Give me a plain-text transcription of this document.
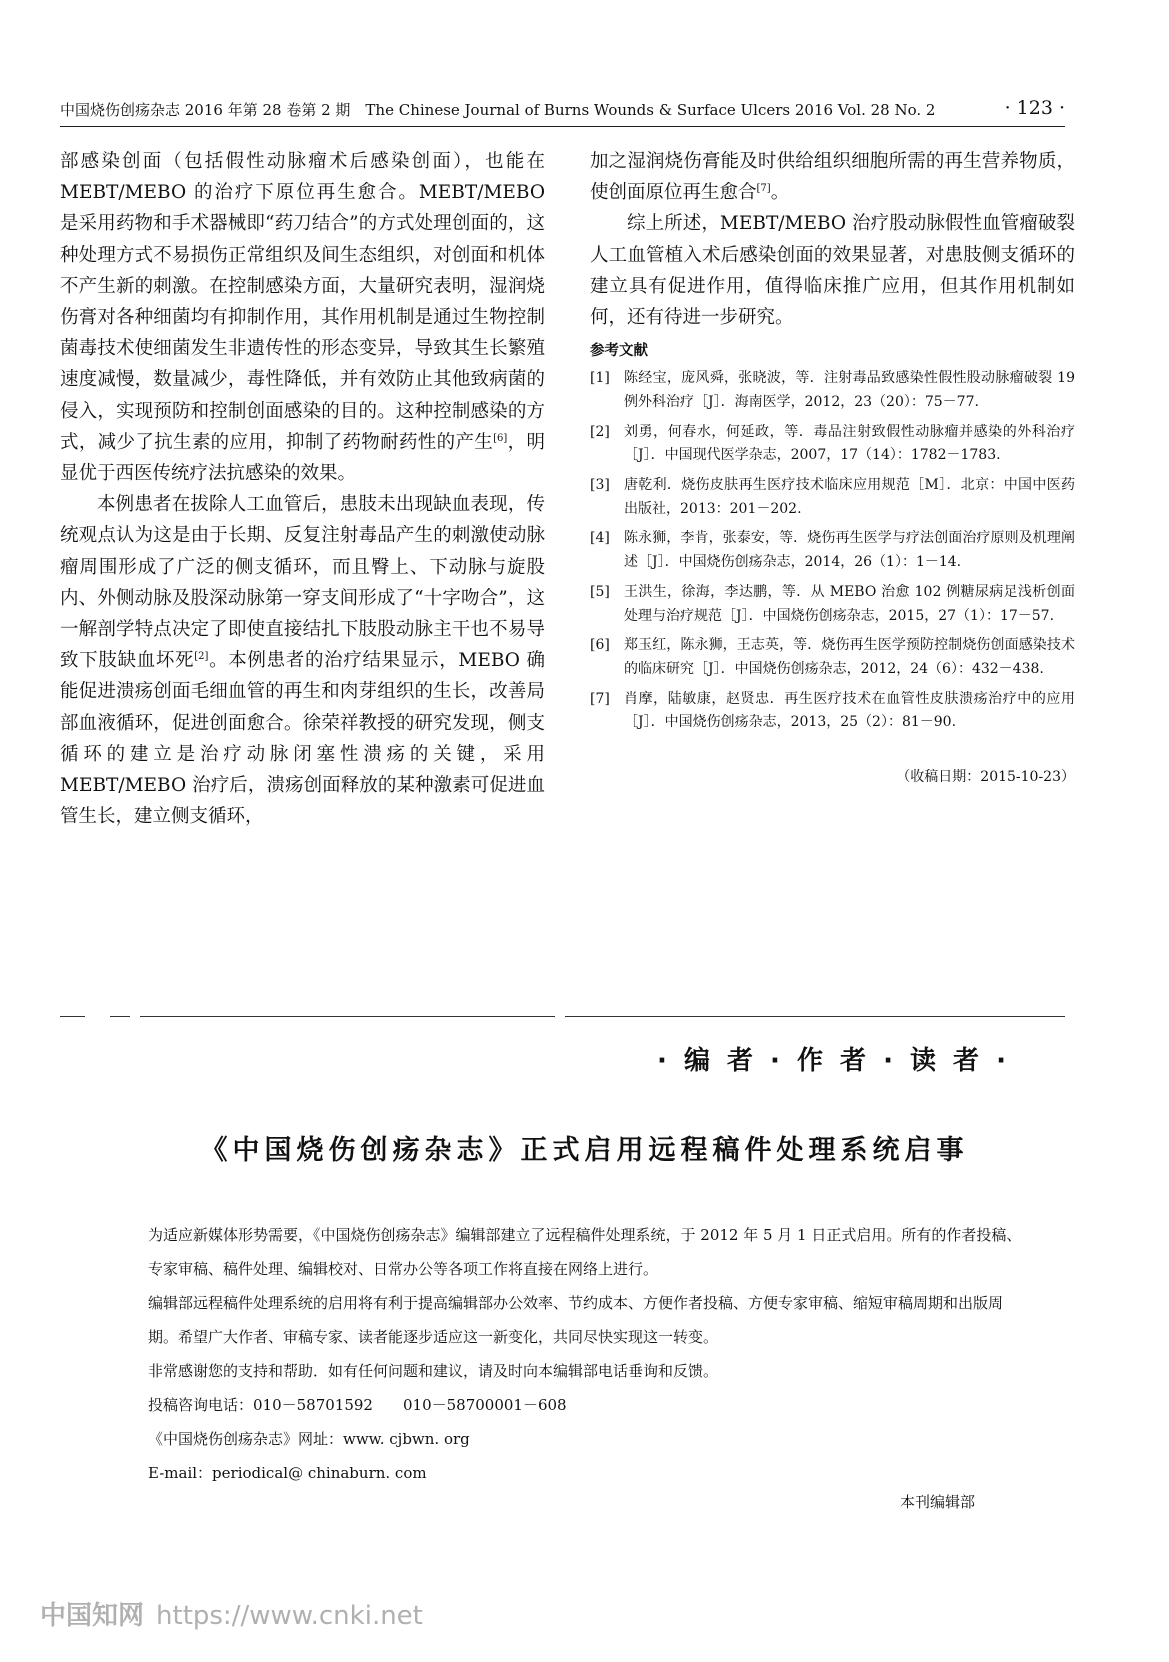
中国烧伤创疡杂志 2016 年第 28 卷第 2 期　The Chinese Journal of Burns Wounds & Surface Ulcers 2016 Vol. 28 No. 2	· 123 ·

部感染创面（包括假性动脉瘤术后感染创面），也能在 MEBT/MEBO 的治疗下原位再生愈合。MEBT/MEBO 是采用药物和手术器械即“药刀结合”的方式处理创面的，这种处理方式不易损伤正常组织及间生态组织，对创面和机体不产生新的刺激。在控制感染方面，大量研究表明，湿润烧伤膏对各种细菌均有抑制作用，其作用机制是通过生物控制菌毒技术使细菌发生非遗传性的形态变异，导致其生长繁殖速度减慢，数量减少，毒性降低，并有效防止其他致病菌的侵入，实现预防和控制创面感染的目的。这种控制感染的方式，减少了抗生素的应用，抑制了药物耐药性的产生[6]，明显优于西医传统疗法抗感染的效果。

本例患者在拔除人工血管后，患肢未出现缺血表现，传统观点认为这是由于长期、反复注射毒品产生的刺激使动脉瘤周围形成了广泛的侧支循环，而且臀上、下动脉与旋股内、外侧动脉及股深动脉第一穿支间形成了“十字吻合”，这一解剖学特点决定了即使直接结扎下肢股动脉主干也不易导致下肢缺血坏死[2]。本例患者的治疗结果显示，MEBO 确能促进溃疡创面毛细血管的再生和肉芽组织的生长，改善局部血液循环，促进创面愈合。徐荣祥教授的研究发现，侧支循环的建立是治疗动脉闭塞性溃疡的关键，采用 MEBT/MEBO 治疗后，溃疡创面释放的某种激素可促进血管生长，建立侧支循环，

加之湿润烧伤膏能及时供给组织细胞所需的再生营养物质，使创面原位再生愈合[7]。

综上所述，MEBT/MEBO 治疗股动脉假性血管瘤破裂人工血管植入术后感染创面的效果显著，对患肢侧支循环的建立具有促进作用，值得临床推广应用，但其作用机制如何，还有待进一步研究。

参考文献
[1] 陈经宝，庞风舜，张晓波，等．注射毒品致感染性假性股动脉瘤破裂 19 例外科治疗［J］．海南医学，2012，23（20）：75－77.
[2] 刘勇，何春水，何延政，等．毒品注射致假性动脉瘤并感染的外科治疗［J］．中国现代医学杂志，2007，17（14）：1782－1783.
[3] 唐乾利．烧伤皮肤再生医疗技术临床应用规范［M］．北京：中国中医药出版社，2013：201－202.
[4] 陈永狮，李肯，张泰安，等．烧伤再生医学与疗法创面治疗原则及机理阐述［J］．中国烧伤创疡杂志，2014，26（1）：1－14.
[5] 王洪生，徐海，李达鹏，等．从 MEBO 治愈 102 例糖尿病足浅析创面处理与治疗规范［J］．中国烧伤创疡杂志，2015，27（1）：17－57.
[6] 郑玉红，陈永狮，王志英，等．烧伤再生医学预防控制烧伤创面感染技术的临床研究［J］．中国烧伤创疡杂志，2012，24（6）：432－438.
[7] 肖摩，陆敏康，赵贤忠．再生医疗技术在血管性皮肤溃疡治疗中的应用［J］．中国烧伤创疡杂志，2013，25（2）：81－90.
（收稿日期：2015-10-23）
· 编 者 · 作 者 · 读 者 ·
《中国烧伤创疡杂志》正式启用远程稿件处理系统启事

为适应新媒体形势需要，《中国烧伤创疡杂志》编辑部建立了远程稿件处理系统，于 2012 年 5 月 1 日正式启用。所有的作者投稿、专家审稿、稿件处理、编辑校对、日常办公等各项工作将直接在网络上进行。

编辑部远程稿件处理系统的启用将有利于提高编辑部办公效率、节约成本、方便作者投稿、方便专家审稿、缩短审稿周期和出版周期。希望广大作者、审稿专家、读者能逐步适应这一新变化，共同尽快实现这一转变。

非常感谢您的支持和帮助．如有任何问题和建议，请及时向本编辑部电话垂询和反馈。

投稿咨询电话：010－58701592　　010－58700001－608

《中国烧伤创疡杂志》网址：www. cjbwn. org

E-mail：periodical@ chinaburn. com

本刊编辑部
中国知网 https://www.cnki.net
